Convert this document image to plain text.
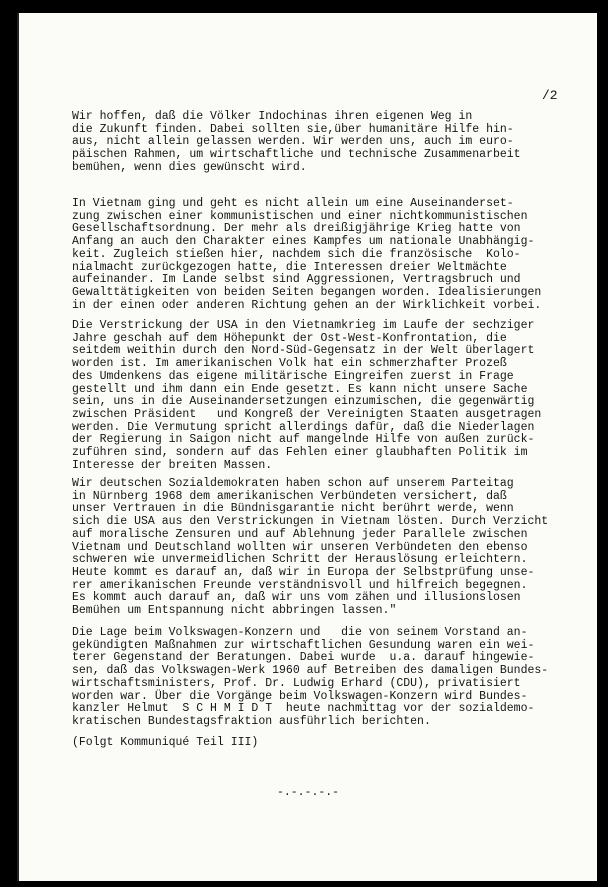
/2
Wir hoffen, daß die Völker Indochinas ihren eigenen Weg in
die Zukunft finden. Dabei sollten sie,über humanitäre Hilfe hin-
aus, nicht allein gelassen werden. Wir werden uns, auch im euro-
päischen Rahmen, um wirtschaftliche und technische Zusammenarbeit
bemühen, wenn dies gewünscht wird.
In Vietnam ging und geht es nicht allein um eine Auseinanderset-
zung zwischen einer kommunistischen und einer nichtkommunistischen
Gesellschaftsordnung. Der mehr als dreißigjährige Krieg hatte von
Anfang an auch den Charakter eines Kampfes um nationale Unabhängig-
keit. Zugleich stießen hier, nachdem sich die französische  Kolo-
nialmacht zurückgezogen hatte, die Interessen dreier Weltmächte
aufeinander. Im Lande selbst sind Aggressionen, Vertragsbruch und
Gewalttätigkeiten von beiden Seiten begangen worden. Idealisierungen
in der einen oder anderen Richtung gehen an der Wirklichkeit vorbei.
Die Verstrickung der USA in den Vietnamkrieg im Laufe der sechziger
Jahre geschah auf dem Höhepunkt der Ost-West-Konfrontation, die
seitdem weithin durch den Nord-Süd-Gegensatz in der Welt überlagert
worden ist. Im amerikanischen Volk hat ein schmerzhafter Prozeß
des Umdenkens das eigene militärische Eingreifen zuerst in Frage
gestellt und ihm dann ein Ende gesetzt. Es kann nicht unsere Sache
sein, uns in die Auseinandersetzungen einzumischen, die gegenwärtig
zwischen Präsident   und Kongreß der Vereinigten Staaten ausgetragen
werden. Die Vermutung spricht allerdings dafür, daß die Niederlagen
der Regierung in Saigon nicht auf mangelnde Hilfe von außen zurück-
zuführen sind, sondern auf das Fehlen einer glaubhaften Politik im
Interesse der breiten Massen.
Wir deutschen Sozialdemokraten haben schon auf unserem Parteitag
in Nürnberg 1968 dem amerikanischen Verbündeten versichert, daß
unser Vertrauen in die Bündnisgarantie nicht berührt werde, wenn
sich die USA aus den Verstrickungen in Vietnam lösten. Durch Verzicht
auf moralische Zensuren und auf Ablehnung jeder Parallele zwischen
Vietnam und Deutschland wollten wir unseren Verbündeten den ebenso
schweren wie unvermeidlichen Schritt der Herauslösung erleichtern.
Heute kommt es darauf an, daß wir in Europa der Selbstprüfung unse-
rer amerikanischen Freunde verständnisvoll und hilfreich begegnen.
Es kommt auch darauf an, daß wir uns vom zähen und illusionslosen
Bemühen um Entspannung nicht abbringen lassen."
Die Lage beim Volkswagen-Konzern und   die von seinem Vorstand an-
gekündigten Maßnahmen zur wirtschaftlichen Gesundung waren ein wei-
terer Gegenstand der Beratungen. Dabei wurde  u.a. darauf hingewie-
sen, daß das Volkswagen-Werk 1960 auf Betreiben des damaligen Bundes-
wirtschaftsministers, Prof. Dr. Ludwig Erhard (CDU), privatisiert
worden war. Über die Vorgänge beim Volkswagen-Konzern wird Bundes-
kanzler Helmut  S C H M I D T  heute nachmittag vor der sozialdemo-
kratischen Bundestagsfraktion ausführlich berichten.
(Folgt Kommuniqué Teil III)
-.-.-.-.-
